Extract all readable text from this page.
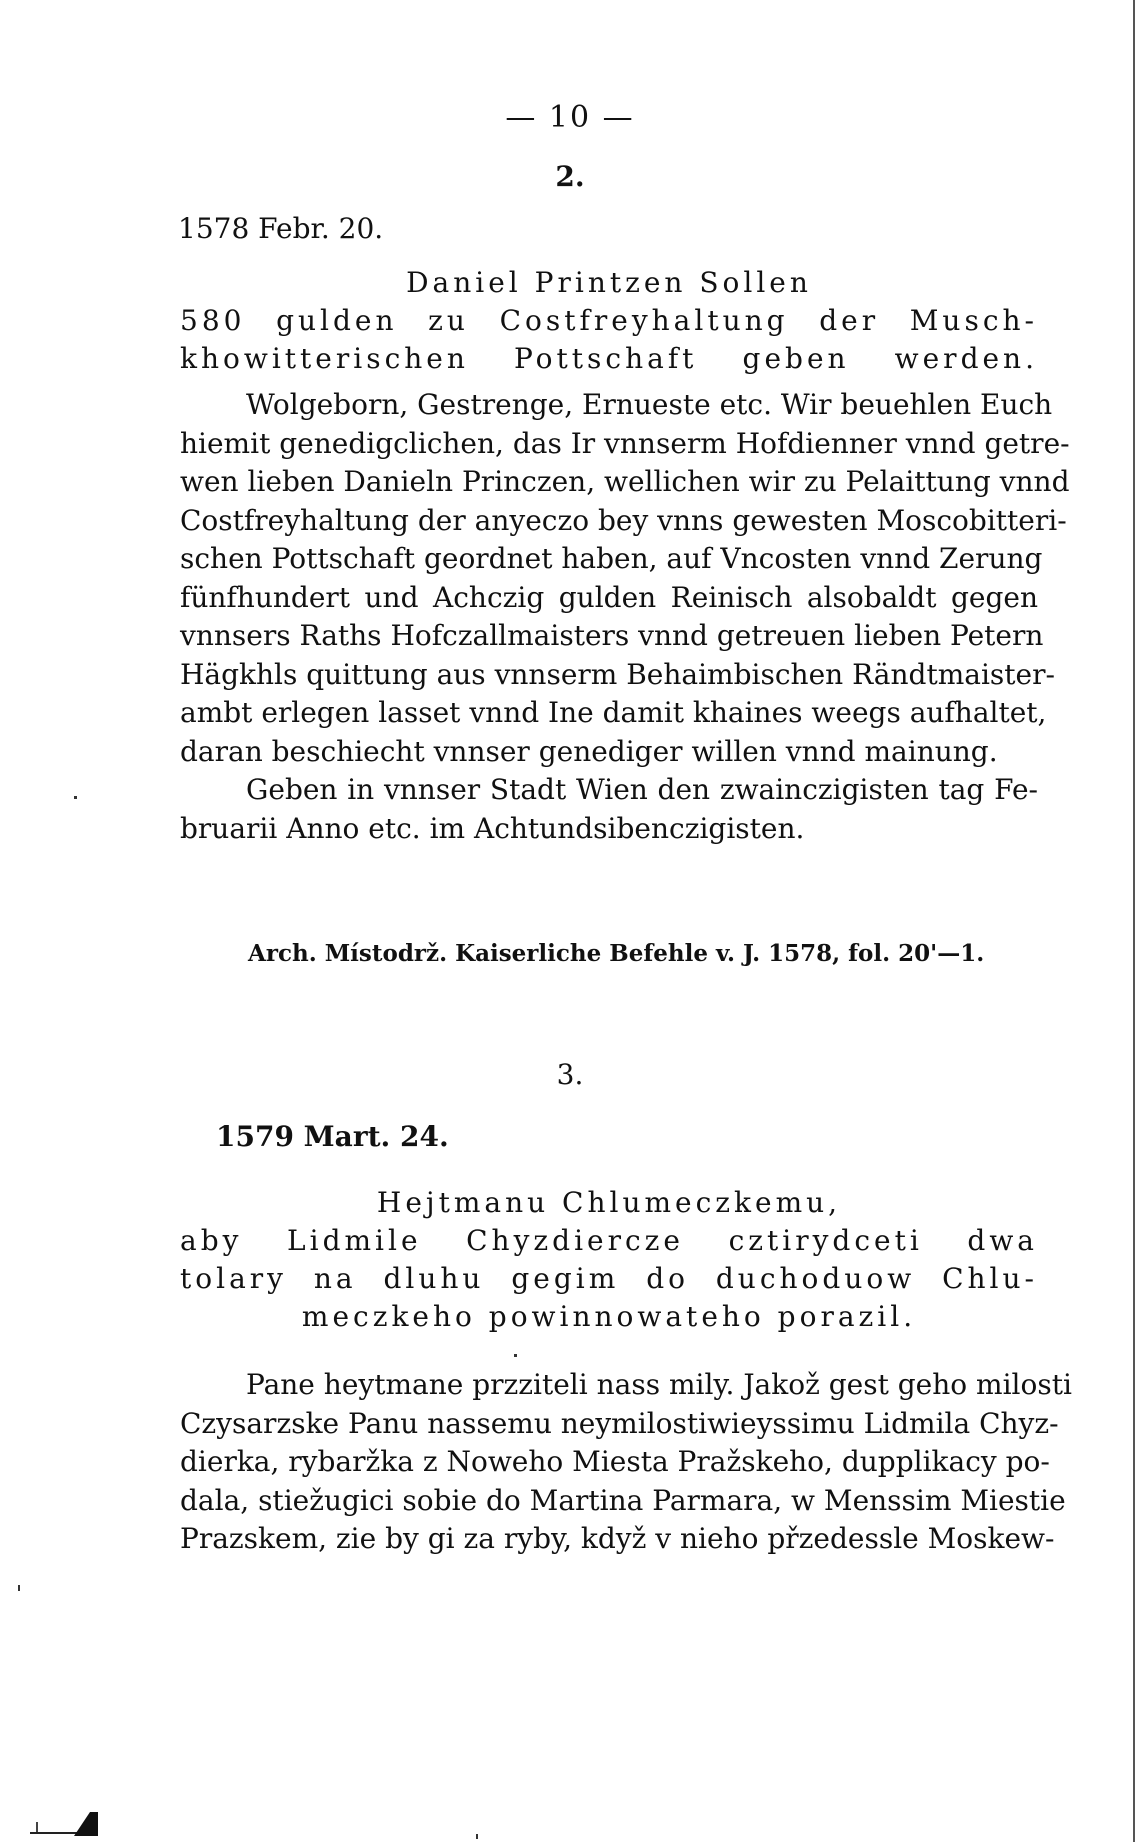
— 10 —
2.
1578 Febr. 20.
Daniel Printzen Sollen
580 gulden zu Costfreyhaltung der Musch-
khowitterischen Pottschaft geben werden.
Wolgeborn, Gestrenge, Ernueste etc. Wir beuehlen Euch
hiemit genedigclichen, das Ir vnnserm Hofdienner vnnd getre-
wen lieben Danieln Princzen, wellichen wir zu Pelaittung vnnd
Costfreyhaltung der anyeczo bey vnns gewesten Moscobitteri-
schen Pottschaft geordnet haben, auf Vncosten vnnd Zerung
fünfhundert und Achczig gulden Reinisch alsobaldt gegen
vnnsers Raths Hofczallmaisters vnnd getreuen lieben Petern
Hägkhls quittung aus vnnserm Behaimbischen Rändtmaister-
ambt erlegen lasset vnnd Ine damit khaines weegs aufhaltet,
daran beschiecht vnnser genediger willen vnnd mainung.
Geben in vnnser Stadt Wien den zwainczigisten tag Fe-
bruarii Anno etc. im Achtundsibenczigisten.
Arch. Místodrž. Kaiserliche Befehle v. J. 1578, fol. 20'—1.
3.
1579 Mart. 24.
Hejtmanu Chlumeczkemu,
aby Lidmile Chyzdiercze cztirydceti dwa
tolary na dluhu gegim do duchoduow Chlu-
meczkeho powinnowateho porazil.
Pane heytmane przziteli nass mily. Jakož gest geho milosti
Czysarzske Panu nassemu neymilostiwieyssimu Lidmila Chyz-
dierka, rybaržka z Noweho Miesta Pražskeho, dupplikacy po-
dala, stiežugici sobie do Martina Parmara, w Menssim Miestie
Prazskem, zie by gi za ryby, když v nieho přzedessle Moskew-
